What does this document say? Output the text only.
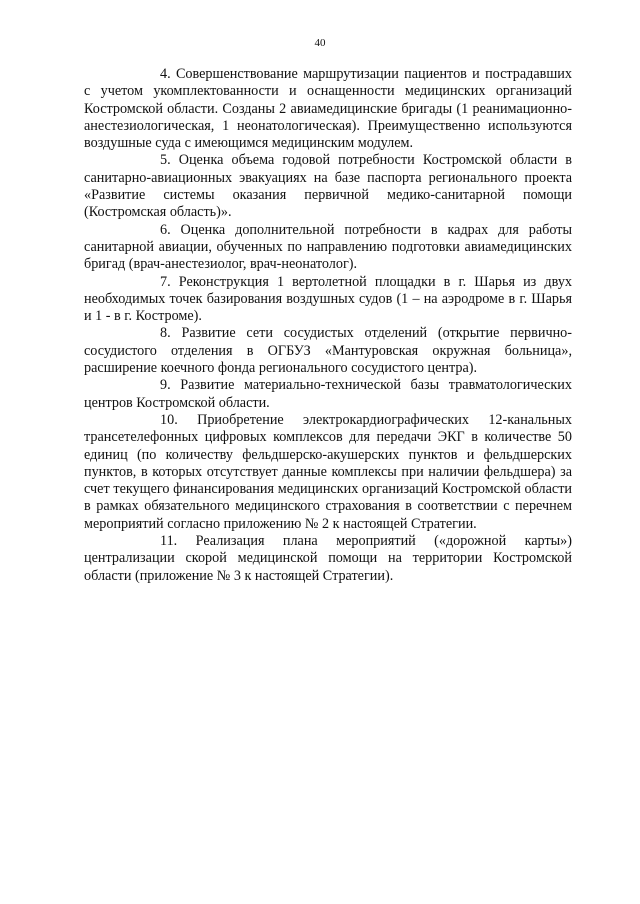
40

4. Совершенствование маршрутизации пациентов и пострадавших с учетом укомплектованности и оснащенности медицинских организаций Костромской области. Созданы 2 авиамедицинские бригады (1 реанимационно-анестезиологическая, 1 неонатологическая). Преимущественно используются воздушные суда с имеющимся медицинским модулем.

5. Оценка объема годовой потребности Костромской области в санитарно-авиационных эвакуациях на базе паспорта регионального проекта «Развитие системы оказания первичной медико-санитарной помощи (Костромская область)».

6. Оценка дополнительной потребности в кадрах для работы санитарной авиации, обученных по направлению подготовки авиамедицинских бригад (врач-анестезиолог, врач-неонатолог).

7. Реконструкция 1 вертолетной площадки в г. Шарья из двух необходимых точек базирования воздушных судов (1 – на аэродроме в г. Шарья и 1 - в г. Костроме).

8. Развитие сети сосудистых отделений (открытие первично-сосудистого отделения в ОГБУЗ «Мантуровская окружная больница», расширение коечного фонда регионального сосудистого центра).

9. Развитие материально-технической базы травматологических центров Костромской области.

10. Приобретение электрокардиографических 12-канальных трансетелефонных цифровых комплексов для передачи ЭКГ в количестве 50 единиц (по количеству фельдшерско-акушерских пунктов и фельдшерских пунктов, в которых отсутствует данные комплексы при наличии фельдшера) за счет текущего финансирования медицинских организаций Костромской области в рамках обязательного медицинского страхования в соответствии с перечнем мероприятий согласно приложению № 2 к настоящей Стратегии.

11. Реализация плана мероприятий («дорожной карты») централизации скорой медицинской помощи на территории Костромской области (приложение № 3 к настоящей Стратегии).
